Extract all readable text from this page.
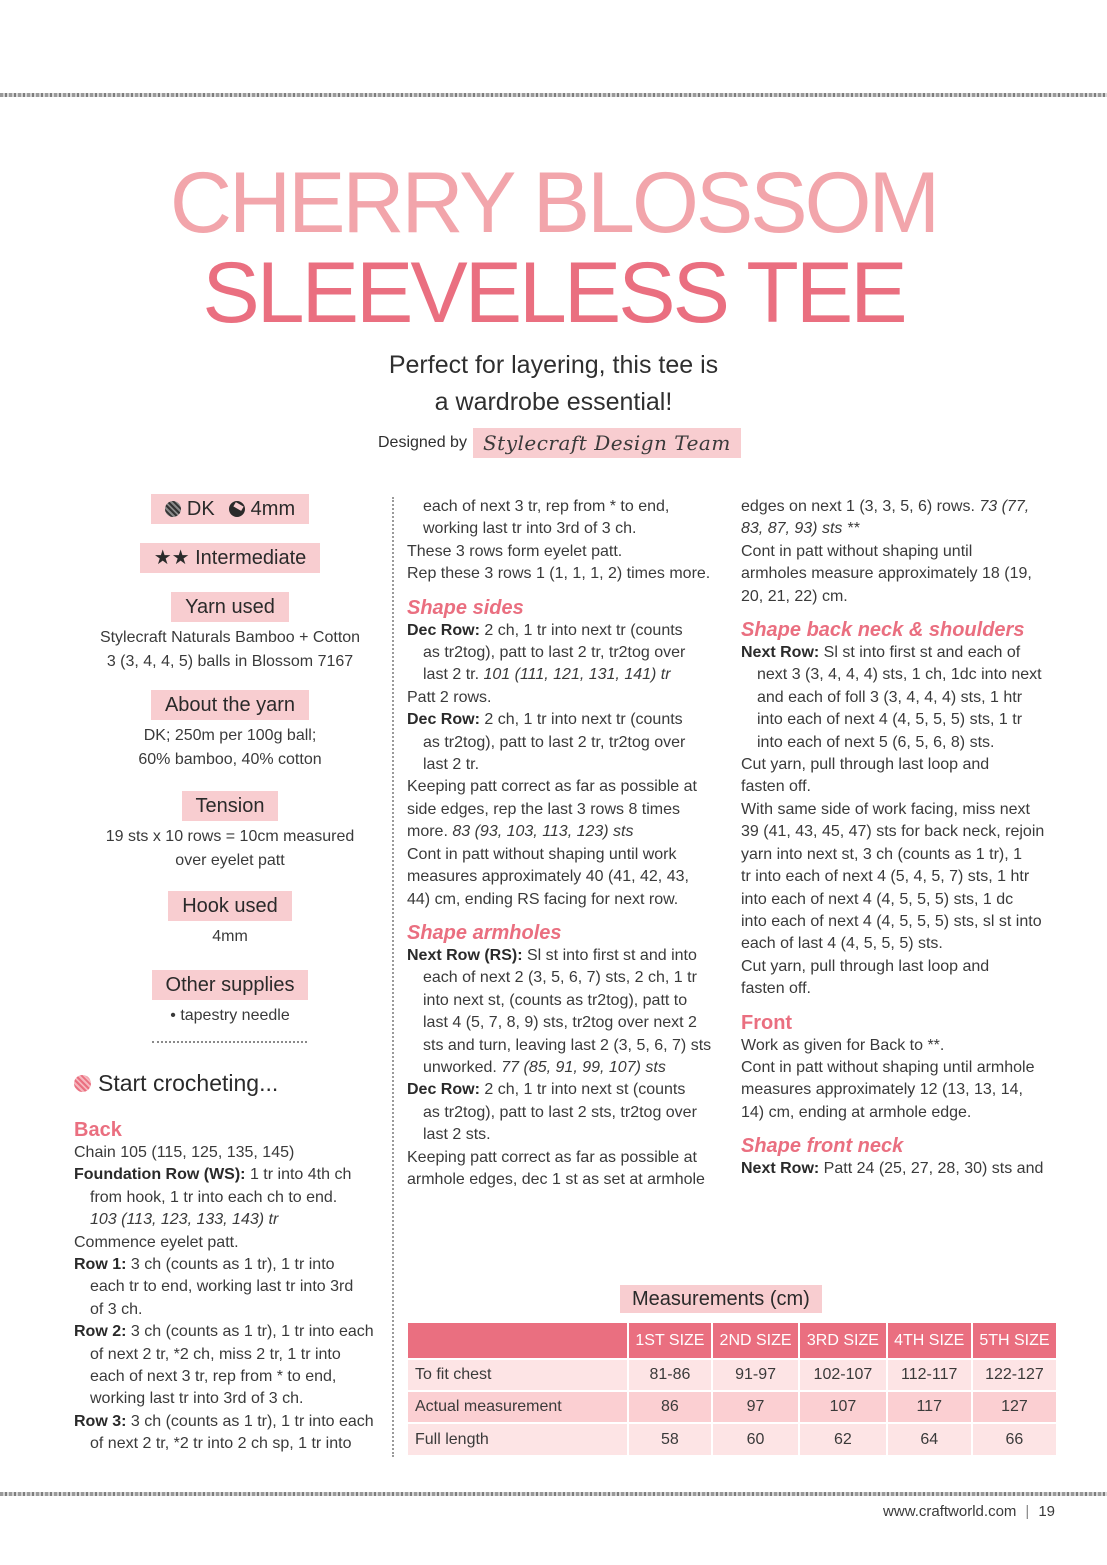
CHERRY BLOSSOM
SLEEVELESS TEE
Perfect for layering, this tee is
a wardrobe essential!
Designed by Stylecraft Design Team
DK 4mm
★★ Intermediate
Yarn used
Stylecraft Naturals Bamboo + Cotton
3 (3, 4, 4, 5) balls in Blossom 7167
About the yarn
DK; 250m per 100g ball;
60% bamboo, 40% cotton
Tension
19 sts x 10 rows = 10cm measured
over eyelet patt
Hook used
4mm
Other supplies
• tapestry needle
Start crocheting...

Back

Chain 105 (115, 125, 135, 145)

Foundation Row (WS): 1 tr into 4th ch

from hook, 1 tr into each ch to end.

103 (113, 123, 133, 143) tr

Commence eyelet patt.

Row 1: 3 ch (counts as 1 tr), 1 tr into

each tr to end, working last tr into 3rd

of 3 ch.

Row 2: 3 ch (counts as 1 tr), 1 tr into each

of next 2 tr, *2 ch, miss 2 tr, 1 tr into

each of next 3 tr, rep from * to end,

working last tr into 3rd of 3 ch.

Row 3: 3 ch (counts as 1 tr), 1 tr into each

of next 2 tr, *2 tr into 2 ch sp, 1 tr into

each of next 3 tr, rep from * to end,

working last tr into 3rd of 3 ch.

These 3 rows form eyelet patt.

Rep these 3 rows 1 (1, 1, 1, 2) times more.

Shape sides

Dec Row: 2 ch, 1 tr into next tr (counts

as tr2tog), patt to last 2 tr, tr2tog over

last 2 tr. 101 (111, 121, 131, 141) tr

Patt 2 rows.

Dec Row: 2 ch, 1 tr into next tr (counts

as tr2tog), patt to last 2 tr, tr2tog over

last 2 tr.

Keeping patt correct as far as possible at

side edges, rep the last 3 rows 8 times

more. 83 (93, 103, 113, 123) sts

Cont in patt without shaping until work

measures approximately 40 (41, 42, 43,

44) cm, ending RS facing for next row.

Shape armholes

Next Row (RS): Sl st into first st and into

each of next 2 (3, 5, 6, 7) sts, 2 ch, 1 tr

into next st, (counts as tr2tog), patt to

last 4 (5, 7, 8, 9) sts, tr2tog over next 2

sts and turn, leaving last 2 (3, 5, 6, 7) sts

unworked. 77 (85, 91, 99, 107) sts

Dec Row: 2 ch, 1 tr into next st (counts

as tr2tog), patt to last 2 sts, tr2tog over

last 2 sts.

Keeping patt correct as far as possible at

armhole edges, dec 1 st as set at armhole

edges on next 1 (3, 3, 5, 6) rows. 73 (77,

83, 87, 93) sts **

Cont in patt without shaping until

armholes measure approximately 18 (19,

20, 21, 22) cm.

Shape back neck & shoulders

Next Row: Sl st into first st and each of

next 3 (3, 4, 4, 4) sts, 1 ch, 1dc into next

and each of foll 3 (3, 4, 4, 4) sts, 1 htr

into each of next 4 (4, 5, 5, 5) sts, 1 tr

into each of next 5 (6, 5, 6, 8) sts.

Cut yarn, pull through last loop and

fasten off.

With same side of work facing, miss next

39 (41, 43, 45, 47) sts for back neck, rejoin

yarn into next st, 3 ch (counts as 1 tr), 1

tr into each of next 4 (5, 4, 5, 7) sts, 1 htr

into each of next 4 (4, 5, 5, 5) sts, 1 dc

into each of next 4 (4, 5, 5, 5) sts, sl st into

each of last 4 (4, 5, 5, 5) sts.

Cut yarn, pull through last loop and

fasten off.

Front

Work as given for Back to **.

Cont in patt without shaping until armhole

measures approximately 12 (13, 13, 14,

14) cm, ending at armhole edge.

Shape front neck

Next Row: Patt 24 (25, 27, 28, 30) sts and

Measurements (cm)
	1ST SIZE	2ND SIZE	3RD SIZE	4TH SIZE	5TH SIZE
To fit chest	81-86	91-97	102-107	112-117	122-127
Actual measurement	86	97	107	117	127
Full length	58	60	62	64	66
www.craftworld.com | 19
